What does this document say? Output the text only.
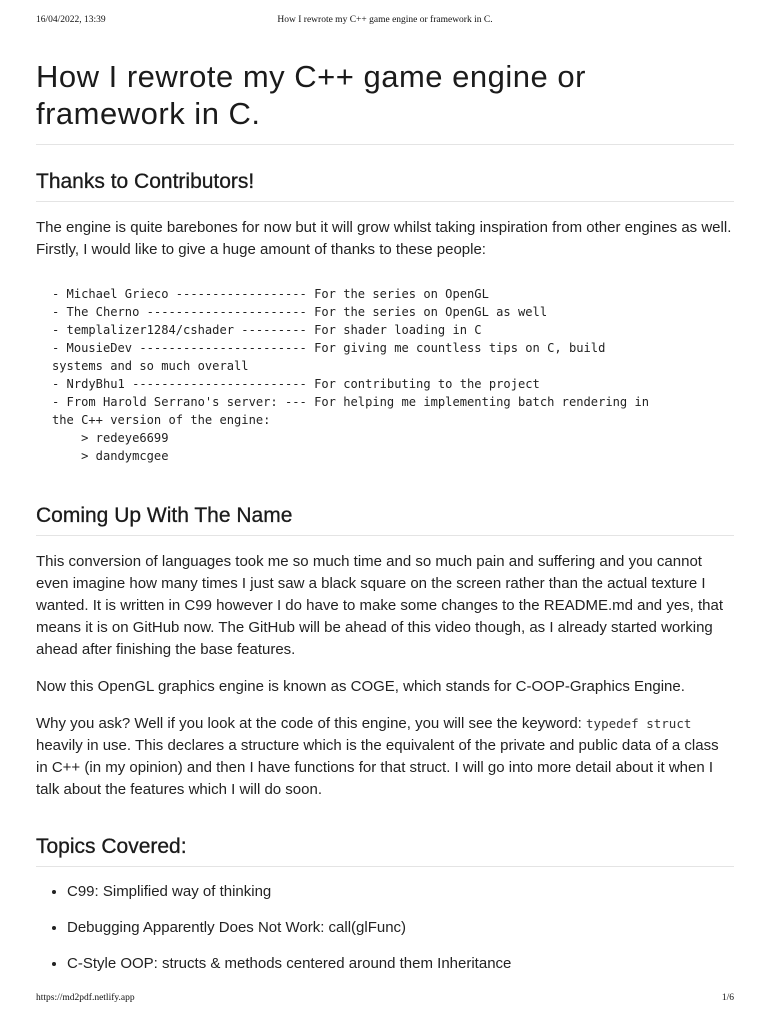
16/04/2022, 13:39	How I rewrote my C++ game engine or framework in C.
How I rewrote my C++ game engine or framework in C.
Thanks to Contributors!

The engine is quite barebones for now but it will grow whilst taking inspiration from other engines as well. Firstly, I would like to give a huge amount of thanks to these people:

- Michael Grieco ------------------ For the series on OpenGL
- The Cherno ---------------------- For the series on OpenGL as well
- templalizer1284/cshader --------- For shader loading in C
- MousieDev ----------------------- For giving me countless tips on C, build
systems and so much overall
- NrdyBhu1 ------------------------ For contributing to the project
- From Harold Serrano's server: --- For helping me implementing batch rendering in
the C++ version of the engine:
> redeye6699
> dandymcgee
Coming Up With The Name

This conversion of languages took me so much time and so much pain and suffering and you cannot even imagine how many times I just saw a black square on the screen rather than the actual texture I wanted. It is written in C99 however I do have to make some changes to the README.md and yes, that means it is on GitHub now. The GitHub will be ahead of this video though, as I already started working ahead after finishing the base features.

Now this OpenGL graphics engine is known as COGE, which stands for C-OOP-Graphics Engine.

Why you ask? Well if you look at the code of this engine, you will see the keyword: typedef struct heavily in use. This declares a structure which is the equivalent of the private and public data of a class in C++ (in my opinion) and then I have functions for that struct. I will go into more detail about it when I talk about the features which I will do soon.

Topics Covered:
• C99: Simplified way of thinking
• Debugging Apparently Does Not Work: call(glFunc)
• C-Style OOP: structs & methods centered around them Inheritance
https://md2pdf.netlify.app	1/6
